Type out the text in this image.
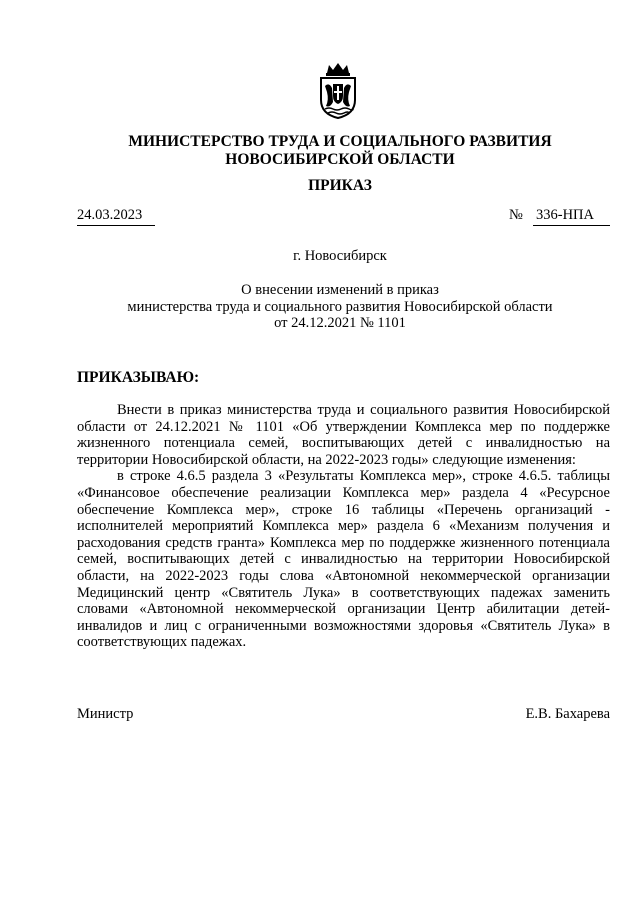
МИНИСТЕРСТВО ТРУДА И СОЦИАЛЬНОГО РАЗВИТИЯ
НОВОСИБИРСКОЙ ОБЛАСТИ
ПРИКАЗ
24.03.2023	№ 336-НПА
г. Новосибирск
О внесении изменений в приказ
министерства труда и социального развития Новосибирской области
от 24.12.2021 № 1101
ПРИКАЗЫВАЮ:

Внести в приказ министерства труда и социального развития Новосибирской области от 24.12.2021 № 1101 «Об утверждении Комплекса мер по поддержке жизненного потенциала семей, воспитывающих детей с инвалидностью на территории Новосибирской области, на 2022-2023 годы» следующие изменения:

в строке 4.6.5 раздела 3 «Результаты Комплекса мер», строке 4.6.5. таблицы «Финансовое обеспечение реализации Комплекса мер» раздела 4 «Ресурсное обеспечение Комплекса мер», строке 16 таблицы «Перечень организаций - исполнителей мероприятий Комплекса мер» раздела 6 «Механизм получения и расходования средств гранта» Комплекса мер по поддержке жизненного потенциала семей, воспитывающих детей с инвалидностью на территории Новосибирской области, на 2022-2023 годы слова «Автономной некоммерческой организации Медицинский центр «Святитель Лука» в соответствующих падежах заменить словами «Автономной некоммерческой организации Центр абилитации детей-инвалидов и лиц с ограниченными возможностями здоровья «Святитель Лука» в соответствующих падежах.

Министр	Е.В. Бахарева
